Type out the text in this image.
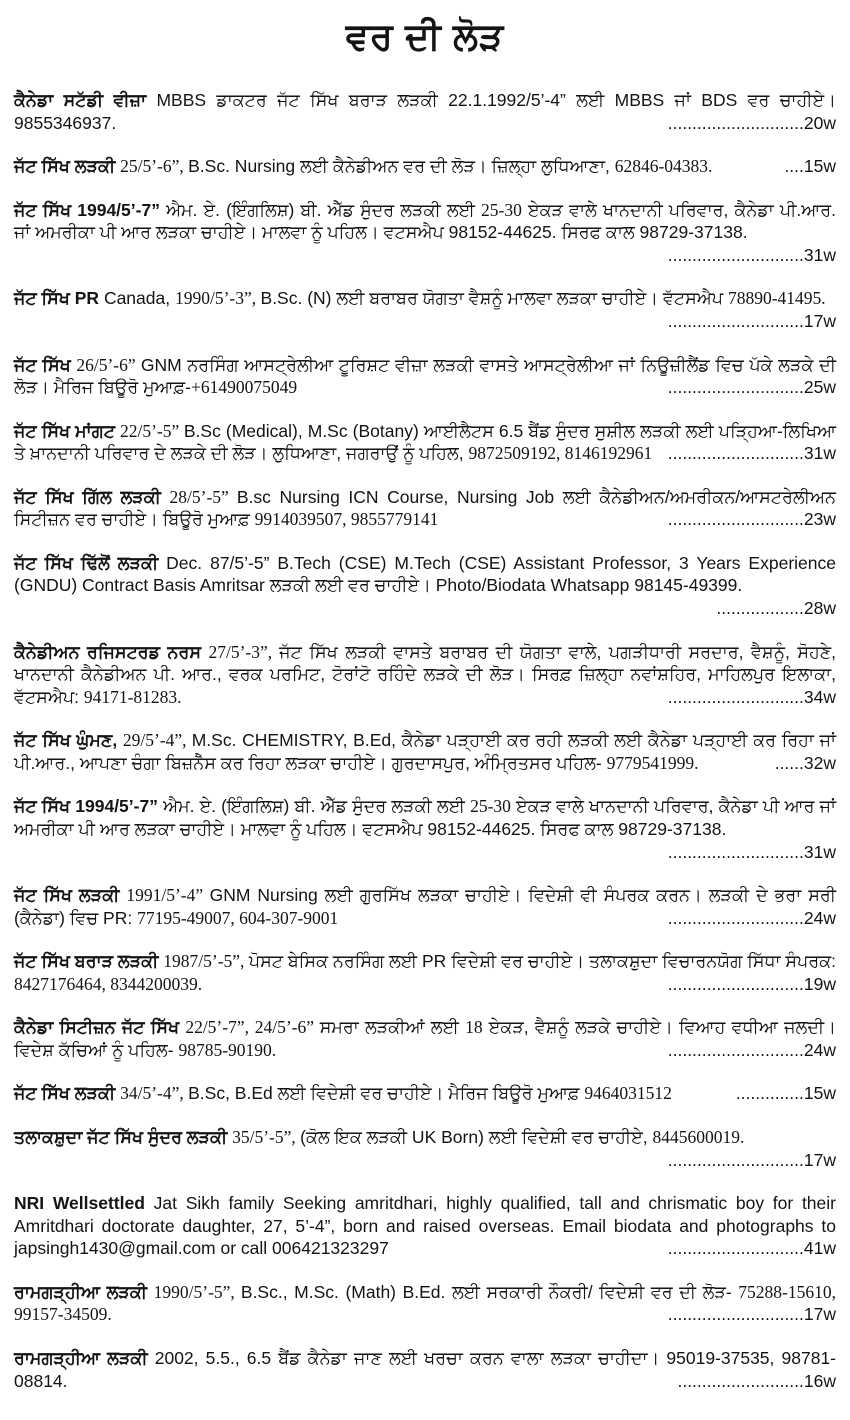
ਵਰ ਦੀ ਲੋੜ

ਕੈਨੇਡਾ ਸਟੱਡੀ ਵੀਜ਼ਾ MBBS ਡਾਕਟਰ ਜੱਟ ਸਿੱਖ ਬਰਾੜ ਲੜਕੀ 22.1.1992/5’-4” ਲਈ MBBS ਜਾਂ BDS ਵਰ ਚਾਹੀਏ। 9855346937.	............................20w

ਜੱਟ ਸਿੱਖ ਲੜਕੀ 25/5’-6”, B.Sc. Nursing ਲਈ ਕੈਨੇਡੀਅਨ ਵਰ ਦੀ ਲੋੜ। ਜ਼ਿਲ੍ਹਾ ਲੁਧਿਆਣਾ, 62846-04383.	....15w

ਜੱਟ ਸਿੱਖ 1994/5’-7” ਐਮ. ਏ. (ਇੰਗਲਿਸ਼) ਬੀ. ਐੱਡ ਸੁੰਦਰ ਲੜਕੀ ਲਈ 25-30 ਏਕੜ ਵਾਲੇ ਖਾਨਦਾਨੀ ਪਰਿਵਾਰ, ਕੈਨੇਡਾ ਪੀ.ਆਰ. ਜਾਂ ਅਮਰੀਕਾ ਪੀ ਆਰ ਲੜਕਾ ਚਾਹੀਏ। ਮਾਲਵਾ ਨੂੰ ਪਹਿਲ। ਵਟਸਐਪ 98152-44625. ਸਿਰਫ ਕਾਲ 98729-37138.
............................31w

ਜੱਟ ਸਿੱਖ PR Canada, 1990/5’-3”, B.Sc. (N) ਲਈ ਬਰਾਬਰ ਯੋਗਤਾ ਵੈਸ਼ਨੂੰ ਮਾਲਵਾ ਲੜਕਾ ਚਾਹੀਏ। ਵੱਟਸਐਪ 78890-41495.
............................17w

ਜੱਟ ਸਿੱਖ 26/5’-6” GNM ਨਰਸਿੰਗ ਆਸਟ੍ਰੇਲੀਆ ਟੂਰਿਸ਼ਟ ਵੀਜ਼ਾ ਲੜਕੀ ਵਾਸਤੇ ਆਸਟ੍ਰੇਲੀਆ ਜਾਂ ਨਿਊਜ਼ੀਲੈਂਡ ਵਿਚ ਪੱਕੇ ਲੜਕੇ ਦੀ ਲੋੜ। ਮੈਰਿਜ ਬਿਊਰੋ ਮੁਆਫ਼-+61490075049	............................25w

ਜੱਟ ਸਿੱਖ ਮਾਂਗਟ 22/5’-5” B.Sc (Medical), M.Sc (Botany) ਆਈਲੈਟਸ 6.5 ਬੈਂਡ ਸੁੰਦਰ ਸੁਸ਼ੀਲ ਲੜਕੀ ਲਈ ਪੜ੍ਹਿਆ-ਲਿਖਿਆ ਤੇ ਖ਼ਾਨਦਾਨੀ ਪਰਿਵਾਰ ਦੇ ਲੜਕੇ ਦੀ ਲੋੜ। ਲੁਧਿਆਣਾ, ਜਗਰਾਉਂ ਨੂੰ ਪਹਿਲ, 9872509192, 8146192961 ............................31w

ਜੱਟ ਸਿੱਖ ਗਿੱਲ ਲੜਕੀ 28/5’-5” B.sc Nursing ICN Course, Nursing Job ਲਈ ਕੈਨੇਡੀਅਨ/ਅਮਰੀਕਨ/ਆਸਟਰੇਲੀਅਨ ਸਿਟੀਜ਼ਨ ਵਰ ਚਾਹੀਏ। ਬਿਊਰੋ ਮੁਆਫ਼ 9914039507, 9855779141	............................23w

ਜੱਟ ਸਿੱਖ ਢਿੱਲੋਂ ਲੜਕੀ Dec. 87/5’-5” B.Tech (CSE) M.Tech (CSE) Assistant Professor, 3 Years Experience (GNDU) Contract Basis Amritsar ਲੜਕੀ ਲਈ ਵਰ ਚਾਹੀਏ। Photo/Biodata Whatsapp 98145-49399.
..................28w

ਕੈਨੇਡੀਅਨ ਰਜਿਸਟਰਡ ਨਰਸ 27/5’-3”, ਜੱਟ ਸਿੱਖ ਲੜਕੀ ਵਾਸਤੇ ਬਰਾਬਰ ਦੀ ਯੋਗਤਾ ਵਾਲੇ, ਪਗੜੀਧਾਰੀ ਸਰਦਾਰ, ਵੈਸ਼ਨੂੰ, ਸੋਹਣੇ, ਖਾਨਦਾਨੀ ਕੈਨੇਡੀਅਨ ਪੀ. ਆਰ., ਵਰਕ ਪਰਮਿਟ, ਟੋਰਾਂਟੋ ਰਹਿੰਦੇ ਲੜਕੇ ਦੀ ਲੋੜ। ਸਿਰਫ਼ ਜ਼ਿਲ੍ਹਾ ਨਵਾਂਸ਼ਹਿਰ, ਮਾਹਿਲਪੁਰ ਇਲਾਕਾ, ਵੱਟਸਐਪ: 94171-81283.	............................34w

ਜੱਟ ਸਿੱਖ ਘੁੰਮਣ, 29/5’-4”, M.Sc. CHEMISTRY, B.Ed, ਕੈਨੇਡਾ ਪੜ੍ਹਾਈ ਕਰ ਰਹੀ ਲੜਕੀ ਲਈ ਕੈਨੇਡਾ ਪੜ੍ਹਾਈ ਕਰ ਰਿਹਾ ਜਾਂ ਪੀ.ਆਰ., ਆਪਣਾ ਚੰਗਾ ਬਿਜ਼ਨੈੱਸ ਕਰ ਰਿਹਾ ਲੜਕਾ ਚਾਹੀਏ। ਗੁਰਦਾਸਪੁਰ, ਅੰਮ੍ਰਿਤਸਰ ਪਹਿਲ- 9779541999.	......32w

ਜੱਟ ਸਿੱਖ 1994/5’-7” ਐਮ. ਏ. (ਇੰਗਲਿਸ਼) ਬੀ. ਐੱਡ ਸੁੰਦਰ ਲੜਕੀ ਲਈ 25-30 ਏਕੜ ਵਾਲੇ ਖਾਨਦਾਨੀ ਪਰਿਵਾਰ, ਕੈਨੇਡਾ ਪੀ ਆਰ ਜਾਂ ਅਮਰੀਕਾ ਪੀ ਆਰ ਲੜਕਾ ਚਾਹੀਏ। ਮਾਲਵਾ ਨੂੰ ਪਹਿਲ। ਵਟਸਐਪ 98152-44625. ਸਿਰਫ ਕਾਲ 98729-37138.
............................31w

ਜੱਟ ਸਿੱਖ ਲੜਕੀ 1991/5’-4” GNM Nursing ਲਈ ਗੁਰਸਿੱਖ ਲੜਕਾ ਚਾਹੀਏ। ਵਿਦੇਸ਼ੀ ਵੀ ਸੰਪਰਕ ਕਰਨ। ਲੜਕੀ ਦੇ ਭਰਾ ਸਰੀ (ਕੈਨੇਡਾ) ਵਿਚ PR: 77195-49007, 604-307-9001	............................24w

ਜੱਟ ਸਿੱਖ ਬਰਾੜ ਲੜਕੀ 1987/5’-5”, ਪੋਸਟ ਬੇਸਿਕ ਨਰਸਿੰਗ ਲਈ PR ਵਿਦੇਸ਼ੀ ਵਰ ਚਾਹੀਏ। ਤਲਾਕਸ਼ੁਦਾ ਵਿਚਾਰਨਯੋਗ ਸਿੱਧਾ ਸੰਪਰਕ: 8427176464, 8344200039.	............................19w

ਕੈਨੇਡਾ ਸਿਟੀਜ਼ਨ ਜੱਟ ਸਿੱਖ 22/5’-7”, 24/5’-6” ਸਮਰਾ ਲੜਕੀਆਂ ਲਈ 18 ਏਕੜ, ਵੈਸ਼ਨੂੰ ਲੜਕੇ ਚਾਹੀਏ। ਵਿਆਹ ਵਧੀਆ ਜਲਦੀ। ਵਿਦੇਸ਼ ਕੱਚਿਆਂ ਨੂੰ ਪਹਿਲ- 98785-90190.	............................24w

ਜੱਟ ਸਿੱਖ ਲੜਕੀ 34/5’-4”, B.Sc, B.Ed ਲਈ ਵਿਦੇਸ਼ੀ ਵਰ ਚਾਹੀਏ। ਮੈਰਿਜ ਬਿਊਰੋ ਮੁਆਫ਼ 9464031512	..............15w

ਤਲਾਕਸ਼ੁਦਾ ਜੱਟ ਸਿੱਖ ਸੁੰਦਰ ਲੜਕੀ 35/5’-5”, (ਕੋਲ ਇਕ ਲੜਕੀ UK Born) ਲਈ ਵਿਦੇਸ਼ੀ ਵਰ ਚਾਹੀਏ, 8445600019.
............................17w

NRI Wellsettled Jat Sikh family Seeking amritdhari, highly qualified, tall and chrismatic boy for their Amritdhari doctorate daughter, 27, 5’-4”, born and raised overseas. Email biodata and photographs to japsingh1430@gmail.com or call 006421323297	............................41w

ਰਾਮਗੜ੍ਹੀਆ ਲੜਕੀ 1990/5’-5”, B.Sc., M.Sc. (Math) B.Ed. ਲਈ ਸਰਕਾਰੀ ਨੌਕਰੀ/ ਵਿਦੇਸ਼ੀ ਵਰ ਦੀ ਲੋੜ- 75288-15610, 99157-34509.	............................17w

ਰਾਮਗੜ੍ਹੀਆ ਲੜਕੀ 2002, 5.5., 6.5 ਬੈਂਡ ਕੈਨੇਡਾ ਜਾਣ ਲਈ ਖਰਚਾ ਕਰਨ ਵਾਲਾ ਲੜਕਾ ਚਾਹੀਦਾ। 95019-37535, 98781-08814.	..........................16w
